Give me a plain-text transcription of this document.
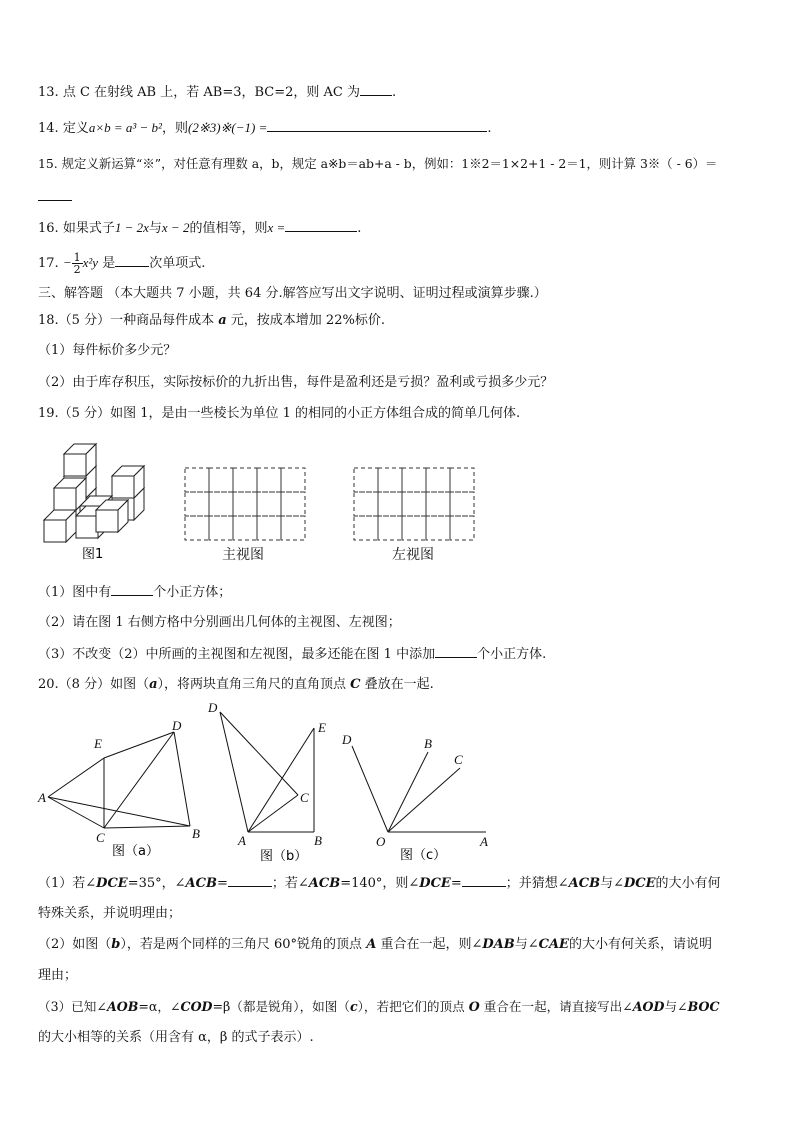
13. 点 C 在射线 AB 上，若 AB=3，BC=2，则 AC 为 .
14. 定义a×b = a³ − b²，则(2※3)※(−1) =	.
15. 规定义新运算“※”，对任意有理数 a，b，规定 a※b＝ab+a - b，例如：1※2＝1×2+1 - 2＝1，则计算 3※（ - 6）＝
16. 如果式子1 − 2x与x − 2的值相等，则x =	.
17. − $\frac{1}{2} x^2y$ 是	次单项式.
三、解答题 （本大题共 7 小题，共 64 分.解答应写出文字说明、证明过程或演算步骤.）
18.（5 分）一种商品每件成本 a 元，按成本增加 22%标价.
（1）每件标价多少元？
（2）由于库存积压，实际按标价的九折出售，每件是盈利还是亏损？盈利或亏损多少元？
19.（5 分）如图 1，是由一些棱长为单位 1 的相同的小正方体组合成的简单几何体.
图1	主视图	左视图
（1）图中有	个小正方体；
（2）请在图 1 右侧方格中分别画出几何体的主视图、左视图；
（3）不改变（2）中所画的主视图和左视图，最多还能在图 1 中添加	个小正方体.
20.（8 分）如图（a），将两块直角三角尺的直角顶点 C 叠放在一起.
A
B
C
D
E
图（a）
A	B
C
D
E
图（b）
O	A
B
C
D
图（c）
（1）若∠DCE=35°，∠ACB=	；若∠ACB=140°，则∠DCE=	；并猜想∠ACB与∠DCE的大小有何
特殊关系，并说明理由；
（2）如图（b），若是两个同样的三角尺 60°锐角的顶点 A 重合在一起，则∠DAB与∠CAE的大小有何关系，请说明
理由；
（3）已知∠AOB=α，∠COD=β（都是锐角），如图（c），若把它们的顶点 O 重合在一起，请直接写出∠AOD与∠BOC
的大小相等的关系（用含有 α，β 的式子表示）.
